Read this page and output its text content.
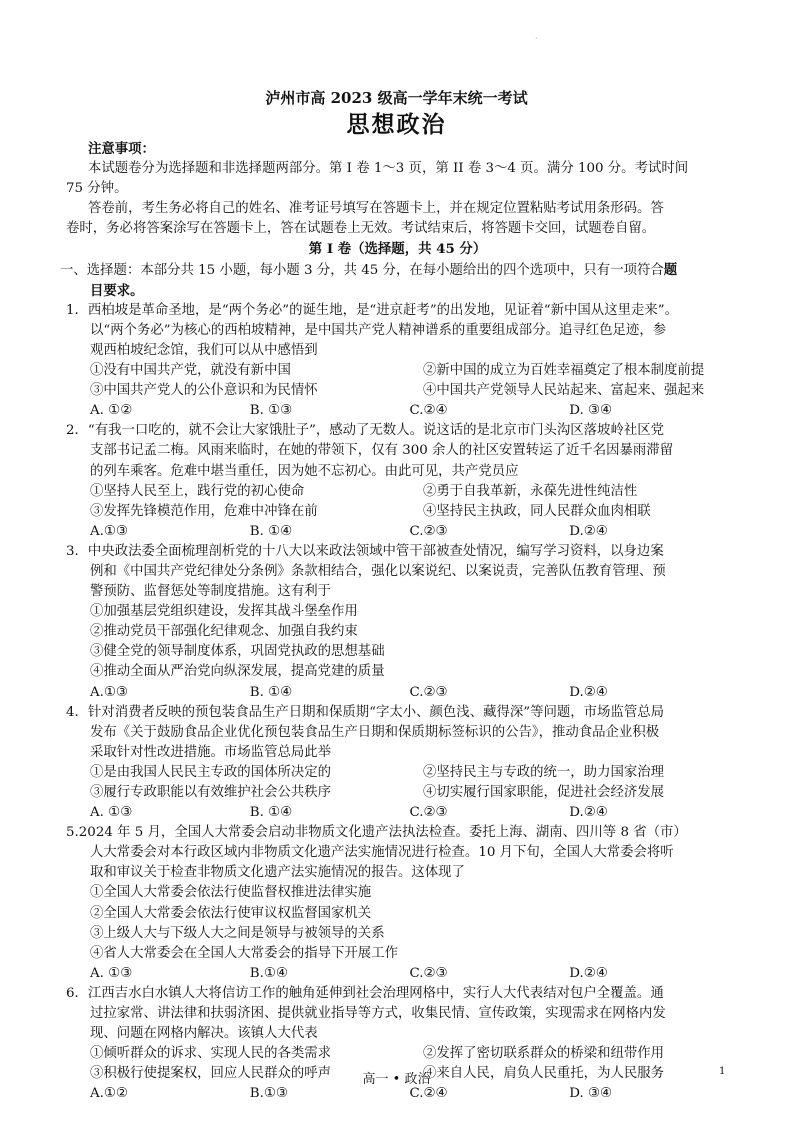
·
泸州市高 2023 级高一学年末统一考试
思想政治
注意事项：
本试题卷分为选择题和非选择题两部分。第 I 卷 1～3 页，第 II 卷 3～4 页。满分 100 分。考试时间
75 分钟。
答卷前，考生务必将自己的姓名、准考证号填写在答题卡上，并在规定位置粘贴考试用条形码。答
卷时，务必将答案涂写在答题卡上，答在试题卷上无效。考试结束后，将答题卡交回，试题卷自留。
第 I 卷（选择题，共 45 分）
一、选择题：本部分共 15 小题，每小题 3 分，共 45 分，在每小题给出的四个选项中，只有一项符合题
目要求。
1．西柏坡是革命圣地，是“两个务必”的诞生地，是“进京赶考”的出发地，见证着“新中国从这里走来”。
以“两个务必”为核心的西柏坡精神，是中国共产党人精神谱系的重要组成部分。追寻红色足迹，参
观西柏坡纪念馆，我们可以从中感悟到
①没有中国共产党，就没有新中国	②新中国的成立为百姓幸福奠定了根本制度前提
③中国共产党人的公仆意识和为民情怀	④中国共产党领导人民站起来、富起来、强起来
A. ①②	B. ①③	C.②④	D. ③④
2．“有我一口吃的，就不会让大家饿肚子”，感动了无数人。说这话的是北京市门头沟区落坡岭社区党
支部书记孟二梅。风雨来临时，在她的带领下，仅有 300 余人的社区安置转运了近千名因暴雨滞留
的列车乘客。危难中堪当重任，因为她不忘初心。由此可见，共产党员应
①坚持人民至上，践行党的初心使命	②勇于自我革新，永葆先进性纯洁性
③发挥先锋模范作用，危难中冲锋在前	④坚持民主执政，同人民群众血肉相联
A.①③	B. ①④	C.②③	D.②④
3．中央政法委全面梳理剖析党的十八大以来政法领域中管干部被查处情况，编写学习资料，以身边案
例和《中国共产党纪律处分条例》条款相结合，强化以案说纪、以案说责，完善队伍教育管理、预
警预防、监督惩处等制度措施。这有利于
①加强基层党组织建设，发挥其战斗堡垒作用
②推动党员干部强化纪律观念、加强自我约束
③健全党的领导制度体系，巩固党执政的思想基础
④推动全面从严治党向纵深发展，提高党建的质量
A.①③	B. ①④	C.②③	D.②④
4．针对消费者反映的预包装食品生产日期和保质期“字太小、颜色浅、藏得深”等问题，市场监管总局
发布《关于鼓励食品企业优化预包装食品生产日期和保质期标签标识的公告》，推动食品企业积极
采取针对性改进措施。市场监管总局此举
①是由我国人民民主专政的国体所决定的	②坚持民主与专政的统一，助力国家治理
③履行专政职能以有效维护社会公共秩序	④切实履行国家职能，促进社会经济发展
A. ①③	B. ①④	C.②③	D.②④
5.2024 年 5 月，全国人大常委会启动非物质文化遗产法执法检查。委托上海、湖南、四川等 8 省（市）
人大常委会对本行政区域内非物质文化遗产法实施情况进行检查。10 月下旬，全国人大常委会将听
取和审议关于检查非物质文化遗产法实施情况的报告。这体现了
①全国人大常委会依法行使监督权推进法律实施
②全国人大常委会依法行使审议权监督国家机关
③上级人大与下级人大之间是领导与被领导的关系
④省人大常委会在全国人大常委会的指导下开展工作
A. ①③	B.①④	C.②③	D.②④
6．江西吉水白水镇人大将信访工作的触角延伸到社会治理网格中，实行人大代表结对包户全覆盖。通
过拉家常、讲法律和扶弱济困、提供就业指导等方式，收集民情、宣传政策，实现需求在网格内发
现、问题在网格内解决。该镇人大代表
①倾听群众的诉求、实现人民的各类需求	②发挥了密切联系群众的桥梁和纽带作用
③积极行使提案权，回应人民群众的呼声	④来自人民，肩负人民重托，为人民服务
A.①②	B.①③	C.②④	D. ③④
高一 • 政治
1
